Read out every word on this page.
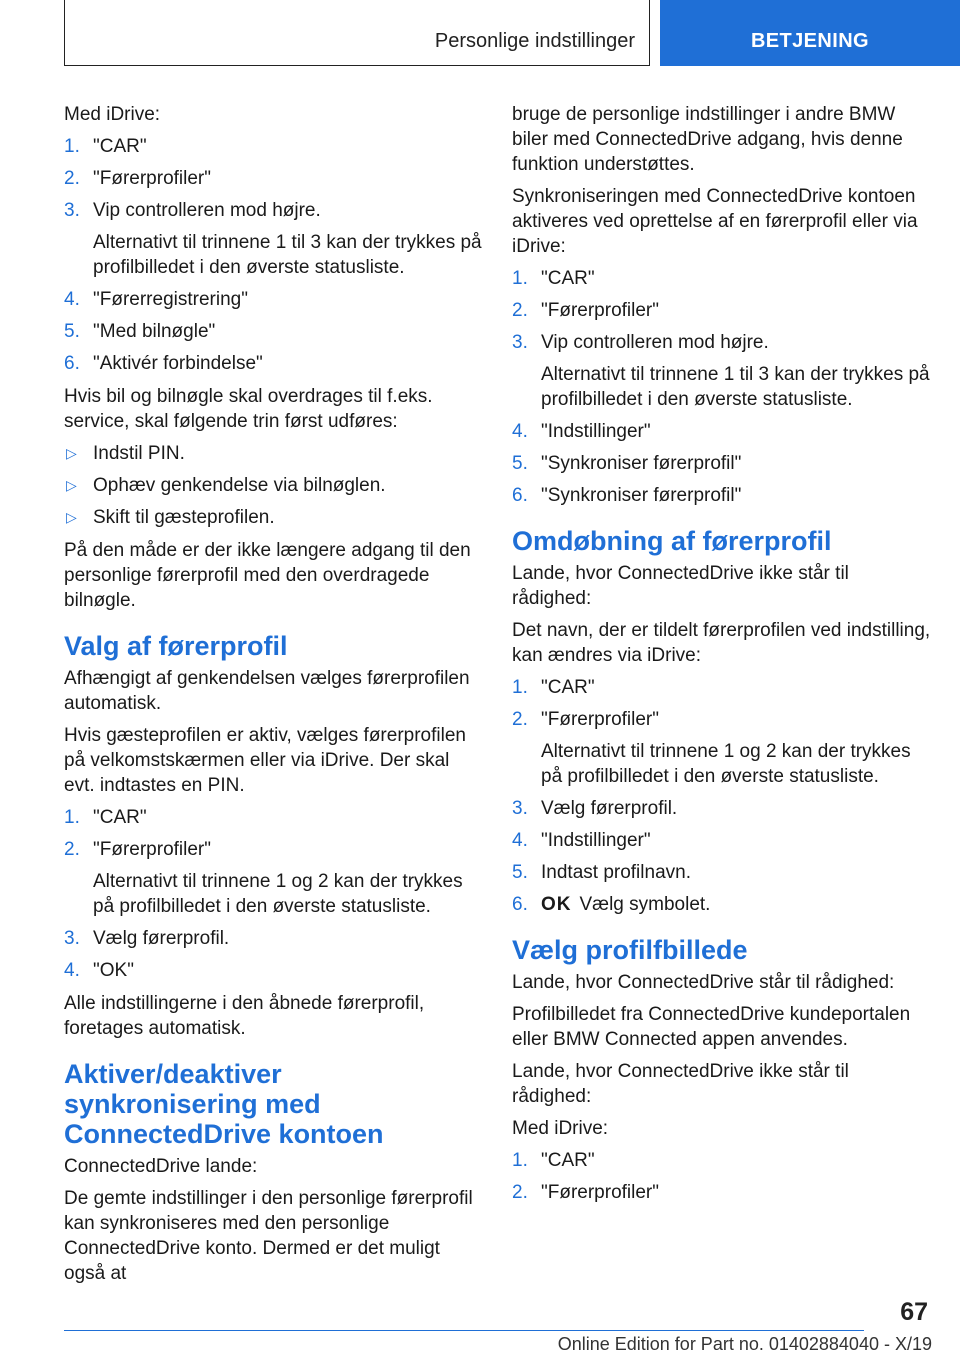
Personlige indstillinger	BETJENING

Med iDrive:

1. "CAR"
2. "Førerprofiler"
3. Vip controlleren mod højre.
Alternativt til trinnene 1 til 3 kan der trykkes på profilbilledet i den øverste statusliste.
4. "Førerregistrering"
5. "Med bilnøgle"
6. "Aktivér forbindelse"

Hvis bil og bilnøgle skal overdrages til f.eks. service, skal følgende trin først udføres:

▷ Indstil PIN.
▷ Ophæv genkendelse via bilnøglen.
▷ Skift til gæsteprofilen.

På den måde er der ikke længere adgang til den personlige førerprofil med den overdragede bilnøgle.

Valg af førerprofil

Afhængigt af genkendelsen vælges førerprofilen automatisk.

Hvis gæsteprofilen er aktiv, vælges førerprofilen på velkomstskærmen eller via iDrive. Der skal evt. indtastes en PIN.

1. "CAR"
2. "Førerprofiler"
Alternativt til trinnene 1 og 2 kan der trykkes på profilbilledet i den øverste statusliste.
3. Vælg førerprofil.
4. "OK"

Alle indstillingerne i den åbnede førerprofil, foretages automatisk.

Aktiver/deaktiver synkronisering med ConnectedDrive kontoen

ConnectedDrive lande:

De gemte indstillinger i den personlige førerprofil kan synkroniseres med den personlige ConnectedDrive konto. Dermed er det muligt også at

bruge de personlige indstillinger i andre BMW biler med ConnectedDrive adgang, hvis denne funktion understøttes.

Synkroniseringen med ConnectedDrive kontoen aktiveres ved oprettelse af en førerprofil eller via iDrive:

1. "CAR"
2. "Førerprofiler"
3. Vip controlleren mod højre.
Alternativt til trinnene 1 til 3 kan der trykkes på profilbilledet i den øverste statusliste.
4. "Indstillinger"
5. "Synkroniser førerprofil"
6. "Synkroniser førerprofil"
Omdøbning af førerprofil

Lande, hvor ConnectedDrive ikke står til rådighed:

Det navn, der er tildelt førerprofilen ved indstilling, kan ændres via iDrive:

1. "CAR"
2. "Førerprofiler"
Alternativt til trinnene 1 og 2 kan der trykkes på profilbilledet i den øverste statusliste.
3. Vælg førerprofil.
4. "Indstillinger"
5. Indtast profilnavn.
6. OK Vælg symbolet.
Vælg profilfbillede

Lande, hvor ConnectedDrive står til rådighed:

Profilbilledet fra ConnectedDrive kundeportalen eller BMW Connected appen anvendes.

Lande, hvor ConnectedDrive ikke står til rådighed:

Med iDrive:

1. "CAR"
2. "Førerprofiler"
67
Online Edition for Part no. 01402884040 - X/19
